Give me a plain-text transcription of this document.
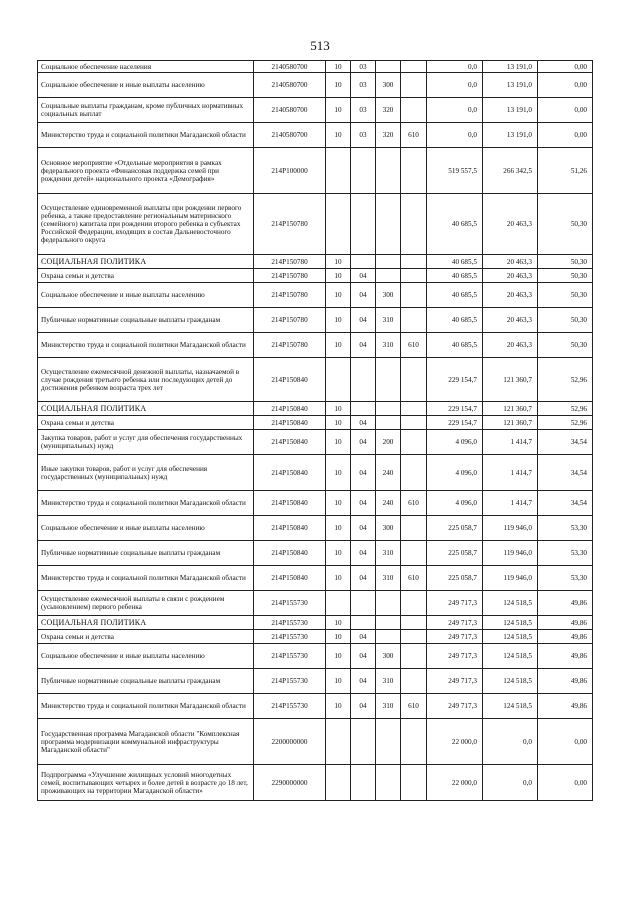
513
Социальное обеспечение населения	2140580700	10	03			0,0	13 191,0	0,00
Социальное обеспечение и иные выплаты населению	2140580700	10	03	300		0,0	13 191,0	0,00
Социальные выплаты гражданам, кроме публичных нормативных социальных выплат	2140580700	10	03	320		0,0	13 191,0	0,00
Министерство труда и социальной политики Магаданской области	2140580700	10	03	320	610	0,0	13 191,0	0,00
Основное мероприятие «Отдельные мероприятия в рамках федерального проекта «Финансовая поддержка семей при рождении детей» национального проекта «Демография»	214P100000					519 557,5	266 342,5	51,26
Осуществление единовременной выплаты при рождении первого ребенка, а также предоставление региональным материнского (семейного) капитала при рождении второго ребенка в субъектах Российской Федерации, входящих в состав Дальневосточного федерального округа	214P150780					40 685,5	20 463,3	50,30
СОЦИАЛЬНАЯ ПОЛИТИКА	214P150780	10				40 685,5	20 463,3	50,30
Охрана семьи и детства	214P150780	10	04			40 685,5	20 463,3	50,30
Социальное обеспечение и иные выплаты населению	214P150780	10	04	300		40 685,5	20 463,3	50,30
Публичные нормативные социальные выплаты гражданам	214P150780	10	04	310		40 685,5	20 463,3	50,30
Министерство труда и социальной политики Магаданской области	214P150780	10	04	310	610	40 685,5	20 463,3	50,30
Осуществление ежемесячной денежной выплаты, назначаемой в случае рождения третьего ребенка или последующих детей до достижения ребенком возраста трех лет	214P150840					229 154,7	121 360,7	52,96
СОЦИАЛЬНАЯ ПОЛИТИКА	214P150840	10				229 154,7	121 360,7	52,96
Охрана семьи и детства	214P150840	10	04			229 154,7	121 360,7	52,96
Закупка товаров, работ и услуг для обеспечения государственных (муниципальных) нужд	214P150840	10	04	200		4 096,0	1 414,7	34,54
Иные закупки товаров, работ и услуг для обеспечения государственных (муниципальных) нужд	214P150840	10	04	240		4 096,0	1 414,7	34,54
Министерство труда и социальной политики Магаданской области	214P150840	10	04	240	610	4 096,0	1 414,7	34,54
Социальное обеспечение и иные выплаты населению	214P150840	10	04	300		225 058,7	119 946,0	53,30
Публичные нормативные социальные выплаты гражданам	214P150840	10	04	310		225 058,7	119 946,0	53,30
Министерство труда и социальной политики Магаданской области	214P150840	10	04	310	610	225 058,7	119 946,0	53,30
Осуществление ежемесячной выплаты в связи с рождением (усыновлением) первого ребенка	214P155730					249 717,3	124 518,5	49,86
СОЦИАЛЬНАЯ ПОЛИТИКА	214P155730	10				249 717,3	124 518,5	49,86
Охрана семьи и детства	214P155730	10	04			249 717,3	124 518,5	49,86
Социальное обеспечение и иные выплаты населению	214P155730	10	04	300		249 717,3	124 518,5	49,86
Публичные нормативные социальные выплаты гражданам	214P155730	10	04	310		249 717,3	124 518,5	49,86
Министерство труда и социальной политики Магаданской области	214P155730	10	04	310	610	249 717,3	124 518,5	49,86
Государственная программа Магаданской области "Комплексная программа модернизации коммунальной инфраструктуры Магаданской области"	2200000000					22 000,0	0,0	0,00
Подпрограмма «Улучшение жилищных условий многодетных семей, воспитывающих четырех и более детей в возрасте до 18 лет, проживающих на территории Магаданской области»	2290000000					22 000,0	0,0	0,00
